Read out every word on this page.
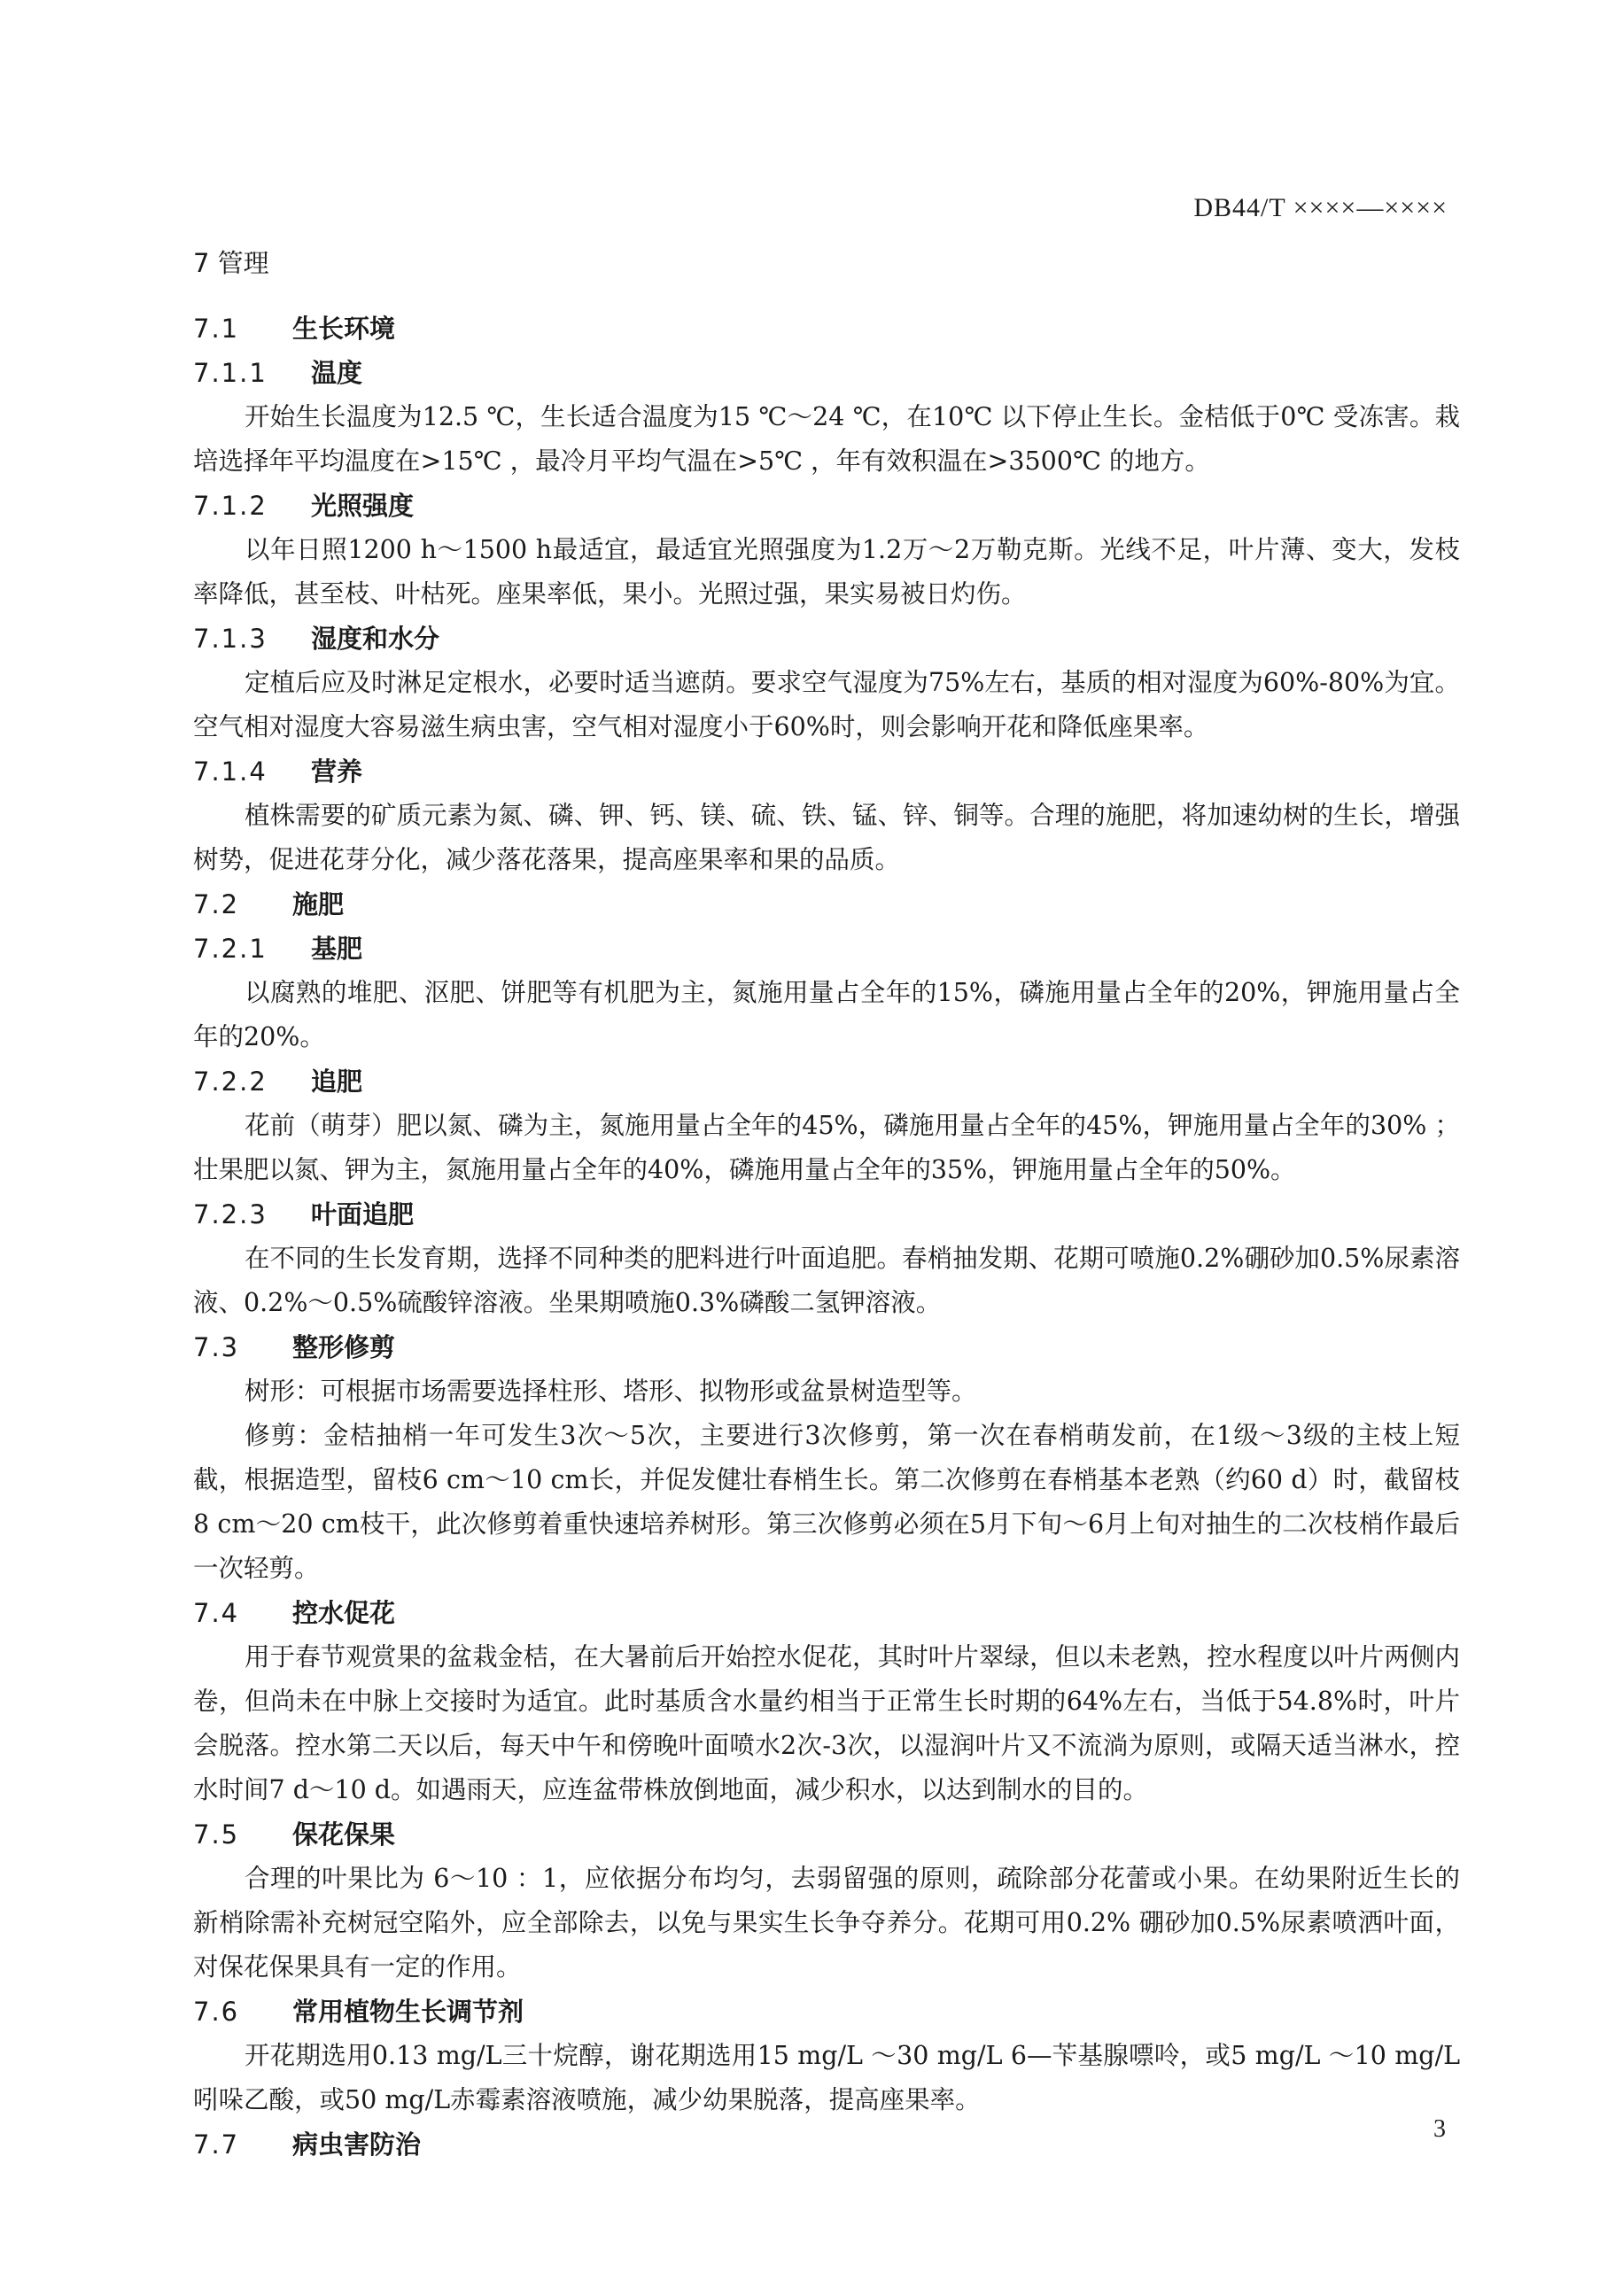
DB44/T ××××—××××
7 管理
7.1 生长环境
7.1.1 温度

开始生长温度为12.5 ℃，生长适合温度为15 ℃～24 ℃，在10℃ 以下停止生长。金桔低于0℃ 受冻害。栽培选择年平均温度在>15℃ ，最冷月平均气温在>5℃ ，年有效积温在>3500℃ 的地方。

7.1.2 光照强度

以年日照1200 h～1500 h最适宜，最适宜光照强度为1.2万～2万勒克斯。光线不足，叶片薄、变大，发枝率降低，甚至枝、叶枯死。座果率低，果小。光照过强，果实易被日灼伤。

7.1.3 湿度和水分

定植后应及时淋足定根水，必要时适当遮荫。要求空气湿度为75%左右，基质的相对湿度为60%-80%为宜。空气相对湿度大容易滋生病虫害，空气相对湿度小于60%时，则会影响开花和降低座果率。

7.1.4 营养

植株需要的矿质元素为氮、磷、钾、钙、镁、硫、铁、锰、锌、铜等。合理的施肥，将加速幼树的生长，增强树势，促进花芽分化，减少落花落果，提高座果率和果的品质。

7.2 施肥
7.2.1 基肥

以腐熟的堆肥、沤肥、饼肥等有机肥为主，氮施用量占全年的15%，磷施用量占全年的20%，钾施用量占全年的20%。

7.2.2 追肥

花前（萌芽）肥以氮、磷为主，氮施用量占全年的45%，磷施用量占全年的45%，钾施用量占全年的30% ；壮果肥以氮、钾为主，氮施用量占全年的40%，磷施用量占全年的35%，钾施用量占全年的50%。

7.2.3 叶面追肥

在不同的生长发育期，选择不同种类的肥料进行叶面追肥。春梢抽发期、花期可喷施0.2%硼砂加0.5%尿素溶液、0.2%～0.5%硫酸锌溶液。坐果期喷施0.3%磷酸二氢钾溶液。

7.3 整形修剪

树形：可根据市场需要选择柱形、塔形、拟物形或盆景树造型等。

修剪：金桔抽梢一年可发生3次～5次，主要进行3次修剪，第一次在春梢萌发前，在1级～3级的主枝上短截，根据造型，留枝6 cm～10 cm长，并促发健壮春梢生长。第二次修剪在春梢基本老熟（约60 d）时，截留枝8 cm～20 cm枝干，此次修剪着重快速培养树形。第三次修剪必须在5月下旬～6月上旬对抽生的二次枝梢作最后一次轻剪。

7.4 控水促花

用于春节观赏果的盆栽金桔，在大暑前后开始控水促花，其时叶片翠绿，但以未老熟，控水程度以叶片两侧内卷，但尚未在中脉上交接时为适宜。此时基质含水量约相当于正常生长时期的64%左右，当低于54.8%时，叶片会脱落。控水第二天以后，每天中午和傍晚叶面喷水2次-3次，以湿润叶片又不流淌为原则，或隔天适当淋水，控水时间7 d～10 d。如遇雨天，应连盆带株放倒地面，减少积水，以达到制水的目的。

7.5 保花保果

合理的叶果比为 6～10 ：1，应依据分布均匀，去弱留强的原则，疏除部分花蕾或小果。在幼果附近生长的新梢除需补充树冠空陷外，应全部除去，以免与果实生长争夺养分。花期可用0.2% 硼砂加0.5%尿素喷洒叶面，对保花保果具有一定的作用。

7.6 常用植物生长调节剂

开花期选用0.13 mg/L三十烷醇，谢花期选用15 mg/L ～30 mg/L 6—苄基腺嘌呤，或5 mg/L ～10 mg/L 吲哚乙酸，或50 mg/L赤霉素溶液喷施，减少幼果脱落，提高座果率。

7.7 病虫害防治
3
